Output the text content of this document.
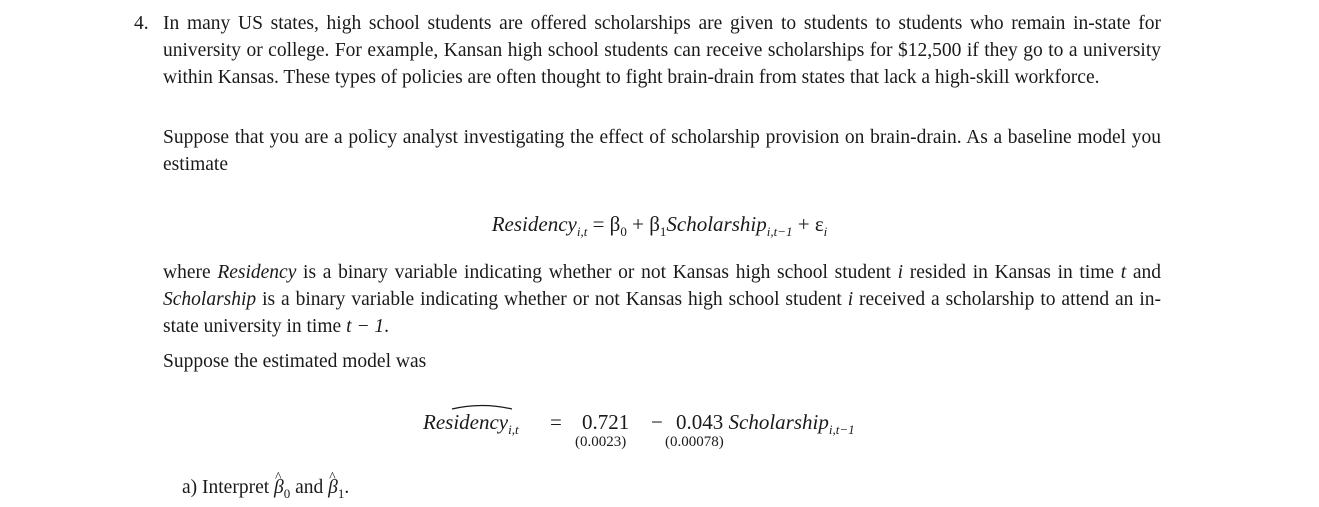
4. In many US states, high school students are offered scholarships are given to students to students who remain in-state for university or college. For example, Kansan high school students can receive scholarships for $12,500 if they go to a university within Kansas. These types of policies are often thought to fight brain-drain from states that lack a high-skill workforce.
Suppose that you are a policy analyst investigating the effect of scholarship provision on brain-drain. As a baseline model you estimate
Residency$_{i,t}$ = $\beta_0$ + $\beta_1Scholarship_{i,t-1} + \varepsilon_i$
where Residency is a binary variable indicating whether or not Kansas high school student i resided in Kansas in time t and Scholarship is a binary variable indicating whether or not Kansas high school student i received a scholarship to attend an in-state university in time t − 1.
Suppose the estimated model was
Residency$_{i,t}$ = 0.721
(0.0023)
− 0.043 Scholarship$_{i,t-1}$
(0.00078)
a) Interpret ^ $\beta_0$ and ^ $\beta_1$.
